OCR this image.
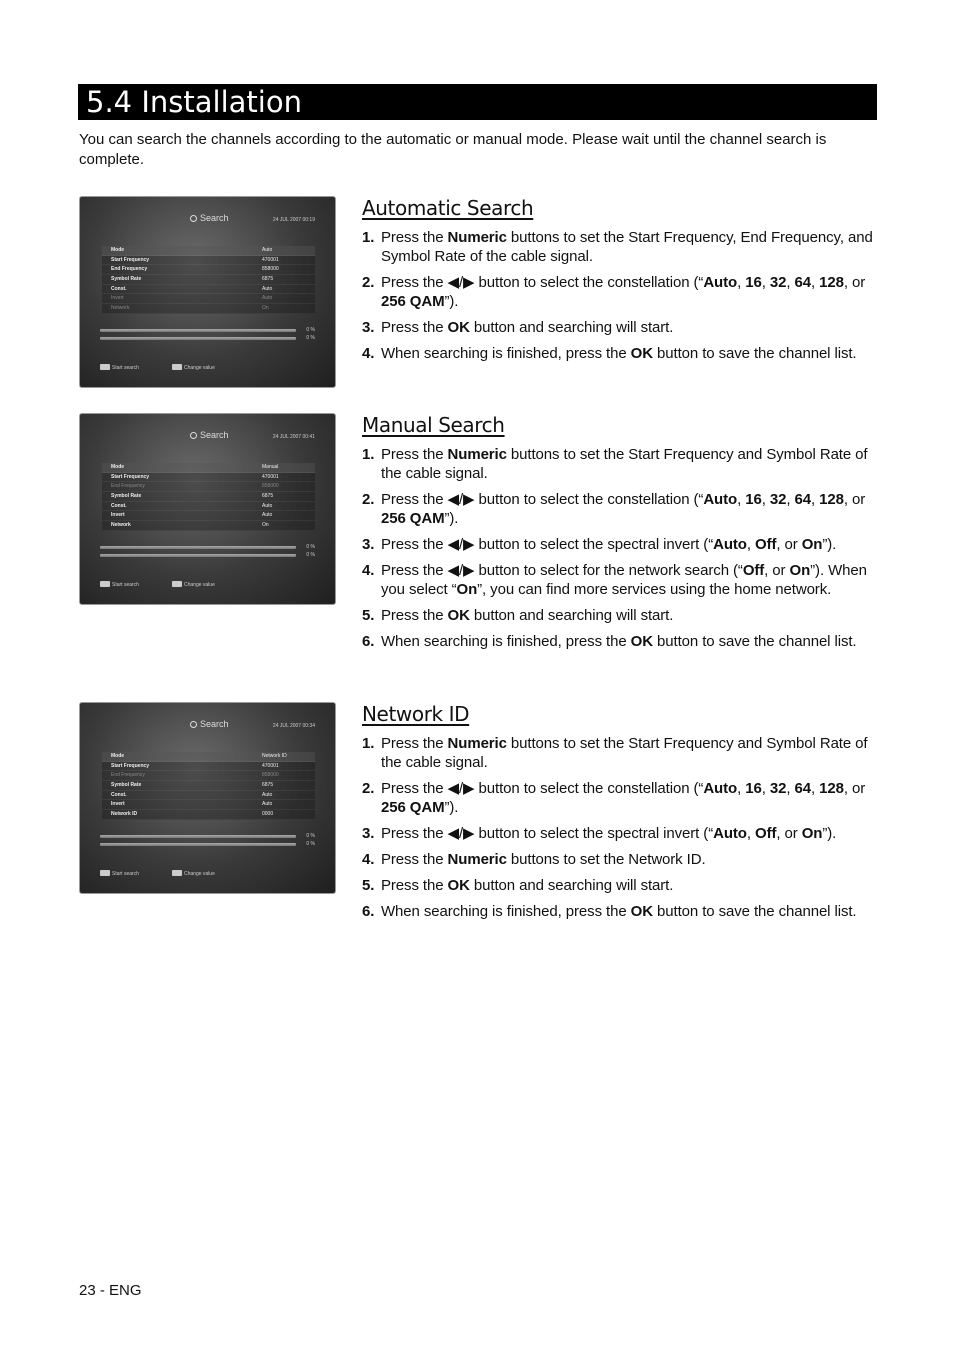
5.4 Installation
You can search the channels according to the automatic or manual mode. Please wait until the channel search is complete.
Search	24 JUL 2007 00:19
Mode	Auto
Start Frequency	470001
End Frequency	858000
Symbol Rate	6875
Const.	Auto
Invert	Auto
Network	On
0 %
0 %
Start search	Change value
Automatic Search
1. Press the Numeric buttons to set the Start Frequency, End Frequency, and Symbol Rate of the cable signal.
2. Press the ◀/▶ button to select the constellation (“Auto, 16, 32, 64, 128, or 256 QAM”).
3. Press the OK button and searching will start.
4. When searching is finished, press the OK button to save the channel list.
Search	24 JUL 2007 00:41
Mode	Manual
Start Frequency	470001
End Frequency	858000
Symbol Rate	6875
Const.	Auto
Invert	Auto
Network	On
0 %
0 %
Start search	Change value
Manual Search
1. Press the Numeric buttons to set the Start Frequency and Symbol Rate of the cable signal.
2. Press the ◀/▶ button to select the constellation (“Auto, 16, 32, 64, 128, or 256 QAM”).
3. Press the ◀/▶ button to select the spectral invert (“Auto, Off, or On”).
4. Press the ◀/▶ button to select for the network search (“Off, or On”). When you select “On”, you can find more services using the home network.
5. Press the OK button and searching will start.
6. When searching is finished, press the OK button to save the channel list.
Search	24 JUL 2007 00:34
Mode	Network ID
Start Frequency	470001
End Frequency	858000
Symbol Rate	6875
Const.	Auto
Invert	Auto
Network ID	0000
0 %
0 %
Start search	Change value
Network ID
1. Press the Numeric buttons to set the Start Frequency and Symbol Rate of the cable signal.
2. Press the ◀/▶ button to select the constellation (“Auto, 16, 32, 64, 128, or 256 QAM”).
3. Press the ◀/▶ button to select the spectral invert (“Auto, Off, or On”).
4. Press the Numeric buttons to set the Network ID.
5. Press the OK button and searching will start.
6. When searching is finished, press the OK button to save the channel list.
23 - ENG
